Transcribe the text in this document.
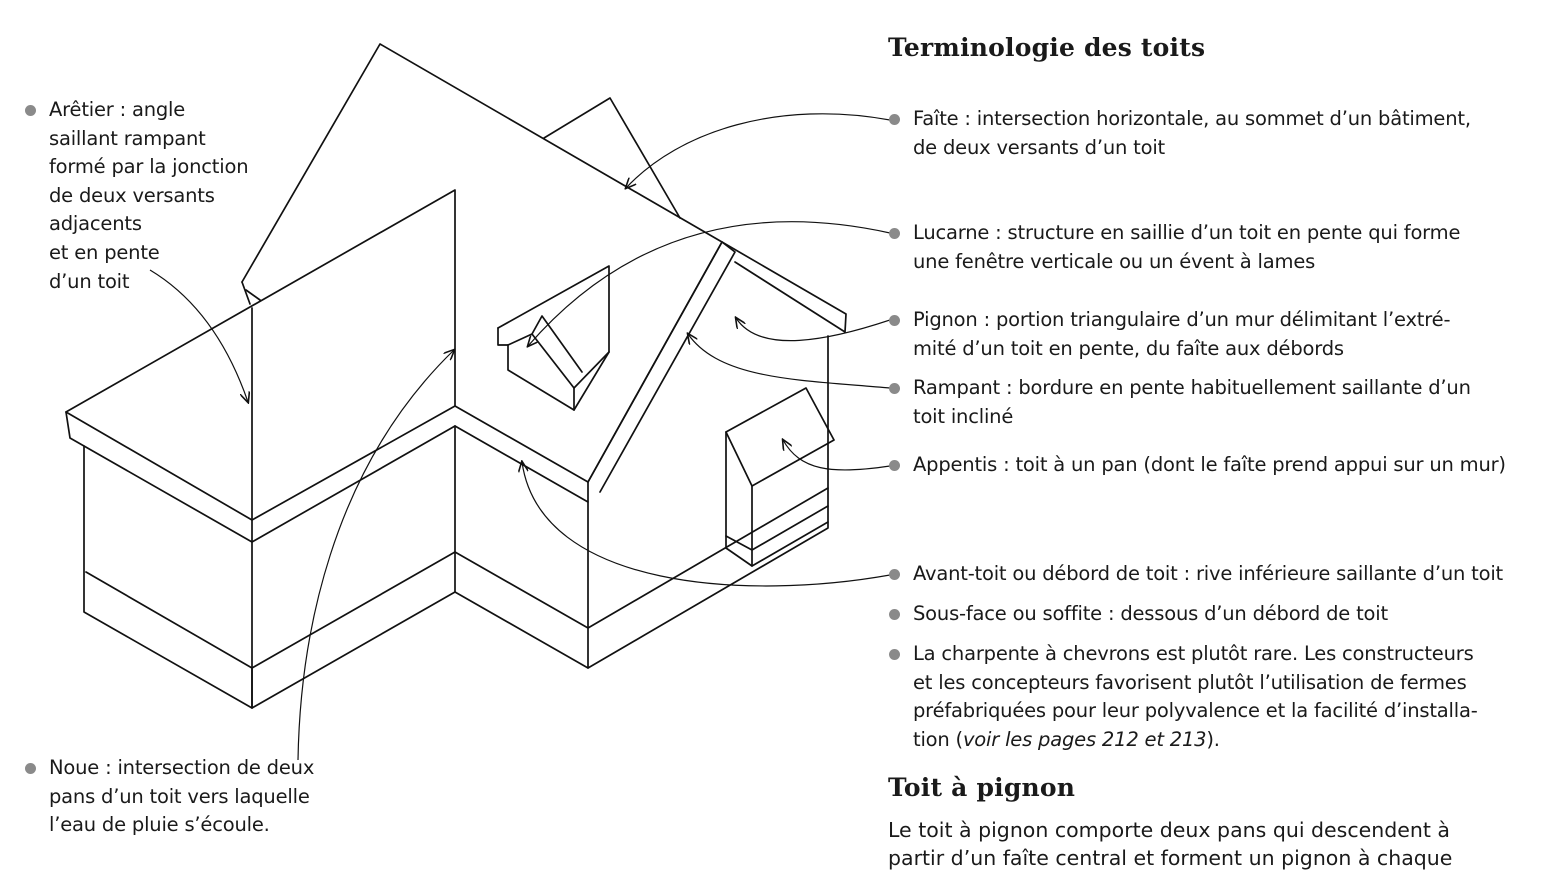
Arêtier : angle
saillant rampant
formé par la jonction
de deux versants
adjacents
et en pente
d’un toit
Noue : intersection de deux
pans d’un toit vers laquelle
l’eau de pluie s’écoule.
Terminologie des toits
Faîte : intersection horizontale, au sommet d’un bâtiment,
de deux versants d’un toit
Lucarne : structure en saillie d’un toit en pente qui forme
une fenêtre verticale ou un évent à lames
Pignon : portion triangulaire d’un mur délimitant l’extré-
mité d’un toit en pente, du faîte aux débords
Rampant : bordure en pente habituellement saillante d’un
toit incliné
Appentis : toit à un pan (dont le faîte prend appui sur un mur)
Avant-toit ou débord de toit : rive inférieure saillante d’un toit
Sous-face ou soffite : dessous d’un débord de toit
La charpente à chevrons est plutôt rare. Les constructeurs
et les concepteurs favorisent plutôt l’utilisation de fermes
préfabriquées pour leur polyvalence et la facilité d’installa-
tion (voir les pages 212 et 213).
Toit à pignon
Le toit à pignon comporte deux pans qui descendent à
partir d’un faîte central et forment un pignon à chaque
